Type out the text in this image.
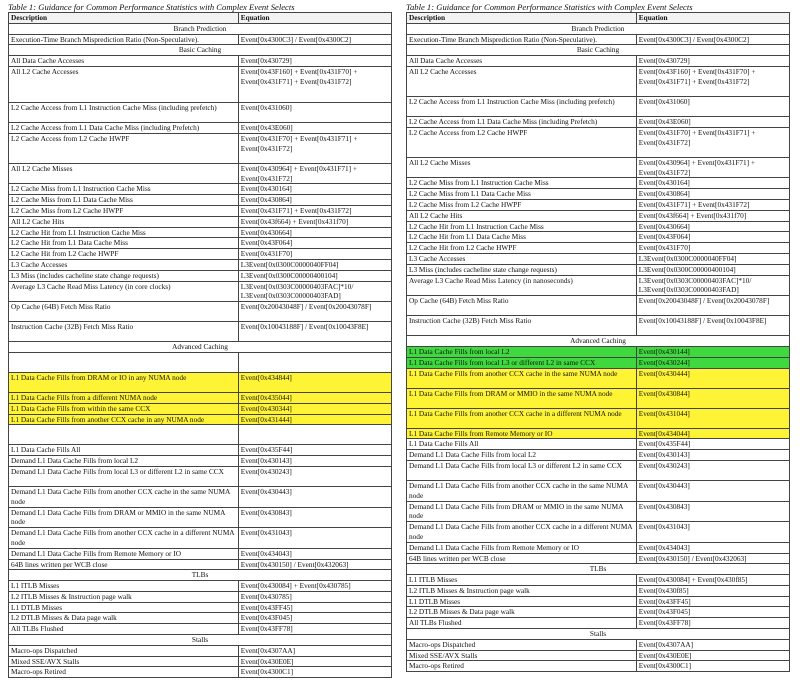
Table 1: Guidance for Common Performance Statistics with Complex Event Selects
Description	Equation
Branch Prediction	
Execution-Time Branch Misprediction Ratio (Non-Speculative).	Event[0x4300C3] / Event[0x4300C2]
Basic Caching	
All Data Cache Accesses	Event[0x430729]
All L2 Cache Accesses	Event[0x43F160] + Event[0x431F70] + Event[0x431F71] + Event[0x431F72]
L2 Cache Access from L1 Instruction Cache Miss (including prefetch)	Event[0x431060]
L2 Cache Access from L1 Data Cache Miss (including Prefetch)	Event[0x43E060]
L2 Cache Access from L2 Cache HWPF	Event[0x431F70] + Event[0x431F71] + Event[0x431F72]
All L2 Cache Misses	Event[0x430964] + Event[0x431F71] + Event[0x431F72]
L2 Cache Miss from L1 Instruction Cache Miss	Event[0x430164]
L2 Cache Miss from L1 Data Cache Miss	Event[0x430864]
L2 Cache Miss from L2 Cache HWPF	Event[0x431F71] + Event[0x431F72]
All L2 Cache Hits	Event[0x43f664) + Event[0x431f70]
L2 Cache Hit from L1 Instruction Cache Miss	Event[0x430664]
L2 Cache Hit from L1 Data Cache Miss	Event[0x43F064]
L2 Cache Hit from L2 Cache HWPF	Event[0x431F70]
L3 Cache Accesses	L3Event[0x0300C0000040FF04]
L3 Miss (includes cacheline state change requests)	L3Event[0x0300C00000400104]
Average L3 Cache Read Miss Latency (in core clocks)	L3Event[0x0303C00000403FAC]*10/ L3Event[0x0303C00000403FAD]
Op Cache (64B) Fetch Miss Ratio	Event[0x20043048F] / Event[0x20043078F]
Instruction Cache (32B) Fetch Miss Ratio	Event[0x10043188F] / Event[0x10043F8E]
Advanced Caching	

L1 Data Cache Fills from DRAM or IO in any NUMA node	Event[0x434844]
L1 Data Cache Fills from a different NUMA node	Event[0x435044]
L1 Data Cache Fills from within the same CCX	Event[0x430344]
L1 Data Cache Fills from another CCX cache in any NUMA node	Event[0x431444]

L1 Data Cache Fills All	Event[0x435F44]
Demand L1 Data Cache Fills from local L2	Event[0x430143]
Demand L1 Data Cache Fills from local L3 or different L2 in same CCX	Event[0x430243]
Demand L1 Data Cache Fills from another CCX cache in the same NUMA node	Event[0x430443]
Demand L1 Data Cache Fills from DRAM or MMIO in the same NUMA node	Event[0x430843]
Demand L1 Data Cache Fills from another CCX cache in a different NUMA node	Event[0x431043]
Demand L1 Data Cache Fills from Remote Memory or IO	Event[0x434043]
64B lines written per WCB close	Event[0x430150] / Event[0x432063]
TLBs	
L1 ITLB Misses	Event[0x430084] + Event[0x430785]
L2 ITLB Misses & Instruction page walk	Event[0x430785]
L1 DTLB Misses	Event[0x43FF45]
L2 DTLB Misses & Data page walk	Event[0x43F045]
All TLBs Flushed	Event[0x43FF78]
Stalls	
Macro-ops Dispatched	Event[0x4307AA]
Mixed SSE/AVX Stalls	Event[0x430E0E]
Macro-ops Retired	Event[0x4300C1]
Table 1: Guidance for Common Performance Statistics with Complex Event Selects
Description	Equation
Branch Prediction	
Execution-Time Branch Misprediction Ratio (Non-Speculative).	Event[0x4300C3] / Event[0x4300C2]
Basic Caching	
All Data Cache Accesses	Event[0x430729]
All L2 Cache Accesses	Event[0x43F160] + Event[0x431F70] + Event[0x431F71] + Event[0x431F72]
L2 Cache Access from L1 Instruction Cache Miss (including prefetch)	Event[0x431060]
L2 Cache Access from L1 Data Cache Miss (including Prefetch)	Event[0x43E060]
L2 Cache Access from L2 Cache HWPF	Event[0x431F70] + Event[0x431F71] + Event[0x431F72]
All L2 Cache Misses	Event[0x430964] + Event[0x431F71] + Event[0x431F72]
L2 Cache Miss from L1 Instruction Cache Miss	Event[0x430164]
L2 Cache Miss from L1 Data Cache Miss	Event[0x430864]
L2 Cache Miss from L2 Cache HWPF	Event[0x431F71] + Event[0x431F72]
All L2 Cache Hits	Event[0x43f664] + Event[0x431f70]
L2 Cache Hit from L1 Instruction Cache Miss	Event[0x430664]
L2 Cache Hit from L1 Data Cache Miss	Event[0x43F064]
L2 Cache Hit from L2 Cache HWPF	Event[0x431F70]
L3 Cache Accesses	L3Event[0x0300C0000040FF04]
L3 Miss (includes cacheline state change requests)	L3Event[0x0300C00000400104]
Average L3 Cache Read Miss Latency (in nanoseconds)	L3Event[0x0303C00000403FAC]*10/ L3Event[0x0303C00000403FAD]
Op Cache (64B) Fetch Miss Ratio	Event[0x20043048F] / Event[0x20043078F]
Instruction Cache (32B) Fetch Miss Ratio	Event[0x10043188F] / Event[0x10043F8E]
Advanced Caching	
L1 Data Cache Fills from local L2	Event[0x430144]
L1 Data Cache Fills from local L3 or different L2 in same CCX	Event[0x430244]
L1 Data Cache Fills from another CCX cache in the same NUMA node	Event[0x430444]
L1 Data Cache Fills from DRAM or MMIO in the same NUMA node	Event[0x430844]
L1 Data Cache Fills from another CCX cache in a different NUMA node	Event[0x431044]
L1 Data Cache Fills from Remote Memory or IO	Event[0x434044]
L1 Data Cache Fills All	Event[0x435F44]
Demand L1 Data Cache Fills from local L2	Event[0x430143]
Demand L1 Data Cache Fills from local L3 or different L2 in same CCX	Event[0x430243]
Demand L1 Data Cache Fills from another CCX cache in the same NUMA node	Event[0x430443]
Demand L1 Data Cache Fills from DRAM or MMIO in the same NUMA node	Event[0x430843]
Demand L1 Data Cache Fills from another CCX cache in a different NUMA node	Event[0x431043]
Demand L1 Data Cache Fills from Remote Memory or IO	Event[0x434043]
64B lines written per WCB close	Event[0x430150] / Event[0x432063]
TLBs	
L1 ITLB Misses	Event[0x430084] + Event[0x430f85]
L2 ITLB Misses & Instruction page walk	Event[0x430f85]
L1 DTLB Misses	Event[0x43FF45]
L2 DTLB Misses & Data page walk	Event[0x43F045]
All TLBs Flushed	Event[0x43FF78]
Stalls	
Macro-ops Dispatched	Event[0x4307AA]
Mixed SSE/AVX Stalls	Event[0x430E0E]
Macro-ops Retired	Event[0x4300C1]
